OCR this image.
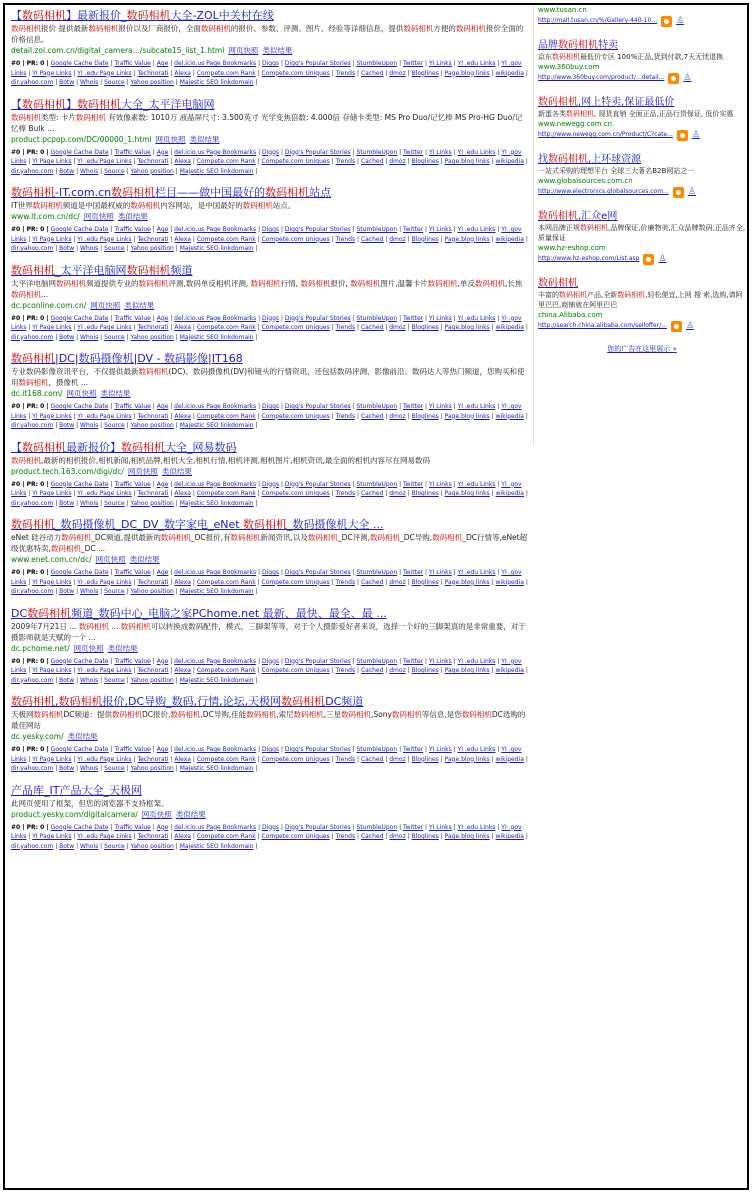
【数码相机】最新报价_数码相机大全-ZOL中关村在线
数码相机报价 提供最新数码相机报价以及厂商报价，全面数码相机的报价、参数、评测、图片、经验等详细信息，提供数码相机方便的数码相机报价全面的价格信息。
detail.zol.com.cn/digital_camera.../subcate15_list_1.html 网页快照 类似结果
#0 | PR: 0 | Google Cache Date | Traffic Value | Age | del.icio.us Page Bookmarks | Diggs | Digg's Popular Stories | StumbleUpon | Twitter | YI Links | YI .edu Links | YI .gov Links | YI Page Links | YI .edu Page Links | Technorati | Alexa | Compete.com Rank | Compete.com Uniques | Trends | Cached | dmoz | Bloglines | Page.blog links | wikipedia | dir.yahoo.com | Botw | Whois | Source | Yahoo position | Majestic SEO linkdomain |
【数码相机】数码相机大全_太平洋电脑网
数码相机类型: 卡片数码相机 有效像素数: 1010万 液晶屏尺寸: 3.500英寸 光学变焦倍数: 4.000倍 存储卡类型: MS Pro Duo/记忆棒 MS Pro-HG Duo/记忆棒 Bulk ...
product.pcpop.com/DC/00000_1.html 网页快照 类似结果
#0 | PR: 0 | Google Cache Date | Traffic Value | Age | del.icio.us Page Bookmarks | Diggs | Digg's Popular Stories | StumbleUpon | Twitter | YI Links | YI .edu Links | YI .gov Links | YI Page Links | YI .edu Page Links | Technorati | Alexa | Compete.com Rank | Compete.com Uniques | Trends | Cached | dmoz | Bloglines | Page.blog links | wikipedia | dir.yahoo.com | Botw | Whois | Source | Yahoo position | Majestic SEO linkdomain |
数码相机-IT.com.cn数码相机栏目——做中国最好的数码相机站点
IT世界数码相机频道是中国最权威的数码相机内容网站，是中国最好的数码相机站点。
www.it.com.cn/dc/ 网页快照 类似结果
#0 | PR: 0 | Google Cache Date | Traffic Value | Age | del.icio.us Page Bookmarks | Diggs | Digg's Popular Stories | StumbleUpon | Twitter | YI Links | YI .edu Links | YI .gov Links | YI Page Links | YI .edu Page Links | Technorati | Alexa | Compete.com Rank | Compete.com Uniques | Trends | Cached | dmoz | Bloglines | Page.blog links | wikipedia | dir.yahoo.com | Botw | Whois | Source | Yahoo position | Majestic SEO linkdomain |
数码相机_太平洋电脑网数码相机频道
太平洋电脑网数码相机频道提供专业的数码相机评测,数码单反相机评测, 数码相机行情, 数码相机报价, 数码相机图片,温馨卡片数码相机,单反数码相机,长焦数码相机...
dc.pconline.com.cn/ 网页快照 类似结果
#0 | PR: 0 | Google Cache Date | Traffic Value | Age | del.icio.us Page Bookmarks | Diggs | Digg's Popular Stories | StumbleUpon | Twitter | YI Links | YI .edu Links | YI .gov Links | YI Page Links | YI .edu Page Links | Technorati | Alexa | Compete.com Rank | Compete.com Uniques | Trends | Cached | dmoz | Bloglines | Page.blog links | wikipedia | dir.yahoo.com | Botw | Whois | Source | Yahoo position | Majestic SEO linkdomain |
数码相机|DC|数码摄像机|DV - 数码影像|IT168
专业数码影像资讯平台，不仅提供最新数码相机(DC)、数码摄像机(DV)和镜头的行情资讯，还包括数码评测、影像前沿、数码达人等热门频道，您购买和使用数码相机，摄像机 ...
dc.it168.com/ 网页快照 类似结果
#0 | PR: 0 | Google Cache Date | Traffic Value | Age | del.icio.us Page Bookmarks | Diggs | Digg's Popular Stories | StumbleUpon | Twitter | YI Links | YI .edu Links | YI .gov Links | YI Page Links | YI .edu Page Links | Technorati | Alexa | Compete.com Rank | Compete.com Uniques | Trends | Cached | dmoz | Bloglines | Page.blog links | wikipedia | dir.yahoo.com | Botw | Whois | Source | Yahoo position | Majestic SEO linkdomain |
【数码相机最新报价】数码相机大全_网易数码
数码相机,最新的相机报价,相机新闻,相机品牌,相机大全,相机行情,相机评测,相机图片,相机资讯,最全面的相机内容尽在网易数码
product.tech.163.com/digi/dc/ 网页快照 类似结果
#0 | PR: 0 | Google Cache Date | Traffic Value | Age | del.icio.us Page Bookmarks | Diggs | Digg's Popular Stories | StumbleUpon | Twitter | YI Links | YI .edu Links | YI .gov Links | YI Page Links | YI .edu Page Links | Technorati | Alexa | Compete.com Rank | Compete.com Uniques | Trends | Cached | dmoz | Bloglines | Page.blog links | wikipedia | dir.yahoo.com | Botw | Whois | Source | Yahoo position | Majestic SEO linkdomain |
数码相机_数码摄像机_DC_DV_数字家电_eNet 数码相机_数码摄像机大全 ...
eNet 硅谷动力数码相机_DC频道,提供最新的数码相机_DC报价,有数码相机新闻资讯,以及数码相机_DC评测,数码相机_DC导购,数码相机_DC行情等,eNet超级优惠特卖,数码相机_DC ...
www.enet.com.cn/dc/ 网页快照 类似结果
#0 | PR: 0 | Google Cache Date | Traffic Value | Age | del.icio.us Page Bookmarks | Diggs | Digg's Popular Stories | StumbleUpon | Twitter | YI Links | YI .edu Links | YI .gov Links | YI Page Links | YI .edu Page Links | Technorati | Alexa | Compete.com Rank | Compete.com Uniques | Trends | Cached | dmoz | Bloglines | Page.blog links | wikipedia | dir.yahoo.com | Botw | Whois | Source | Yahoo position | Majestic SEO linkdomain |
DC数码相机频道_数码中心_电脑之家PChome.net 最新、最快、最全、最 ...
2009年7月21日 ... 数码相机 ... 数码相机可以转换成数码配件，模式，三脚架等等，对于个人摄影爱好者来说，选择一个好的三脚架真的是非常重要，对于摄影师就是天赋的一个 ...
dc.pchome.net/ 网页快照 类似结果
#0 | PR: 0 | Google Cache Date | Traffic Value | Age | del.icio.us Page Bookmarks | Diggs | Digg's Popular Stories | StumbleUpon | Twitter | YI Links | YI .edu Links | YI .gov Links | YI Page Links | YI .edu Page Links | Technorati | Alexa | Compete.com Rank | Compete.com Uniques | Trends | Cached | dmoz | Bloglines | Page.blog links | wikipedia | dir.yahoo.com | Botw | Whois | Source | Yahoo position | Majestic SEO linkdomain |
数码相机,数码相机报价,DC导购_数码,行情,论坛,天极网数码相机DC频道
天极网数码相机DC频道：提供数码相机DC报价,数码相机,DC导购,佳能数码相机,索尼数码相机,三星数码相机,Sony数码相机等信息,是您数码相机DC选购的最佳网站
dc.yesky.com/ 类似结果
#0 | PR: 0 | Google Cache Date | Traffic Value | Age | del.icio.us Page Bookmarks | Diggs | Digg's Popular Stories | StumbleUpon | Twitter | YI Links | YI .edu Links | YI .gov Links | YI Page Links | YI .edu Page Links | Technorati | Alexa | Compete.com Rank | Compete.com Uniques | Trends | Cached | dmoz | Bloglines | Page.blog links | wikipedia | dir.yahoo.com | Botw | Whois | Source | Yahoo position | Majestic SEO linkdomain |
产品库_IT产品大全_天极网
此网页使用了框架，但您的浏览器不支持框架。
product.yesky.com/digitalcamera/ 网页快照 类似结果
#0 | PR: 0 | Google Cache Date | Traffic Value | Age | del.icio.us Page Bookmarks | Diggs | Digg's Popular Stories | StumbleUpon | Twitter | YI Links | YI .edu Links | YI .gov Links | YI Page Links | YI .edu Page Links | Technorati | Alexa | Compete.com Rank | Compete.com Uniques | Trends | Cached | dmoz | Bloglines | Page.blog links | wikipedia | dir.yahoo.com | Botw | Whois | Source | Yahoo position | Majestic SEO linkdomain |
www.tusan.cn
http://mall.tusan.cn/%/Gallery-440-10... ♙
品牌数码相机特卖
京东数码相机最低价专区 100%正品,货到付款,7天无忧退换
www.360buy.com
http://www.360buy.com/product/...detail... ♙
数码相机,网上特卖,保证最低价
新蛋各类数码相机, 现货直销 全面正品,正品行货保证, 低价实惠
www.newegg.com.cn
http://www.newegg.com.cn/Product/C?cate... ♙
找数码相机,上环球资源
一站式采购的理想平台 全球三大著名B2B网站之一
www.globalsources.com.cn
http://www.electronics.globalsources.com... ♙
数码相机,汇众e网
本网品牌正规数码相机,品牌保证,价廉物美,汇众品牌数码,正品齐全,质量保证
www.hz-eshop.com
http://www.hz-eshop.com/List.asp ♙
数码相机
丰富的数码相机产品,全新数码相机,轻松便宜,上网 搜 索,选购,请阿里巴巴,商铺就在阿里巴巴
china.Alibaba.com
http://search.china.alibaba.com/selloffer/... ♙
您的广告在这里展示 »
